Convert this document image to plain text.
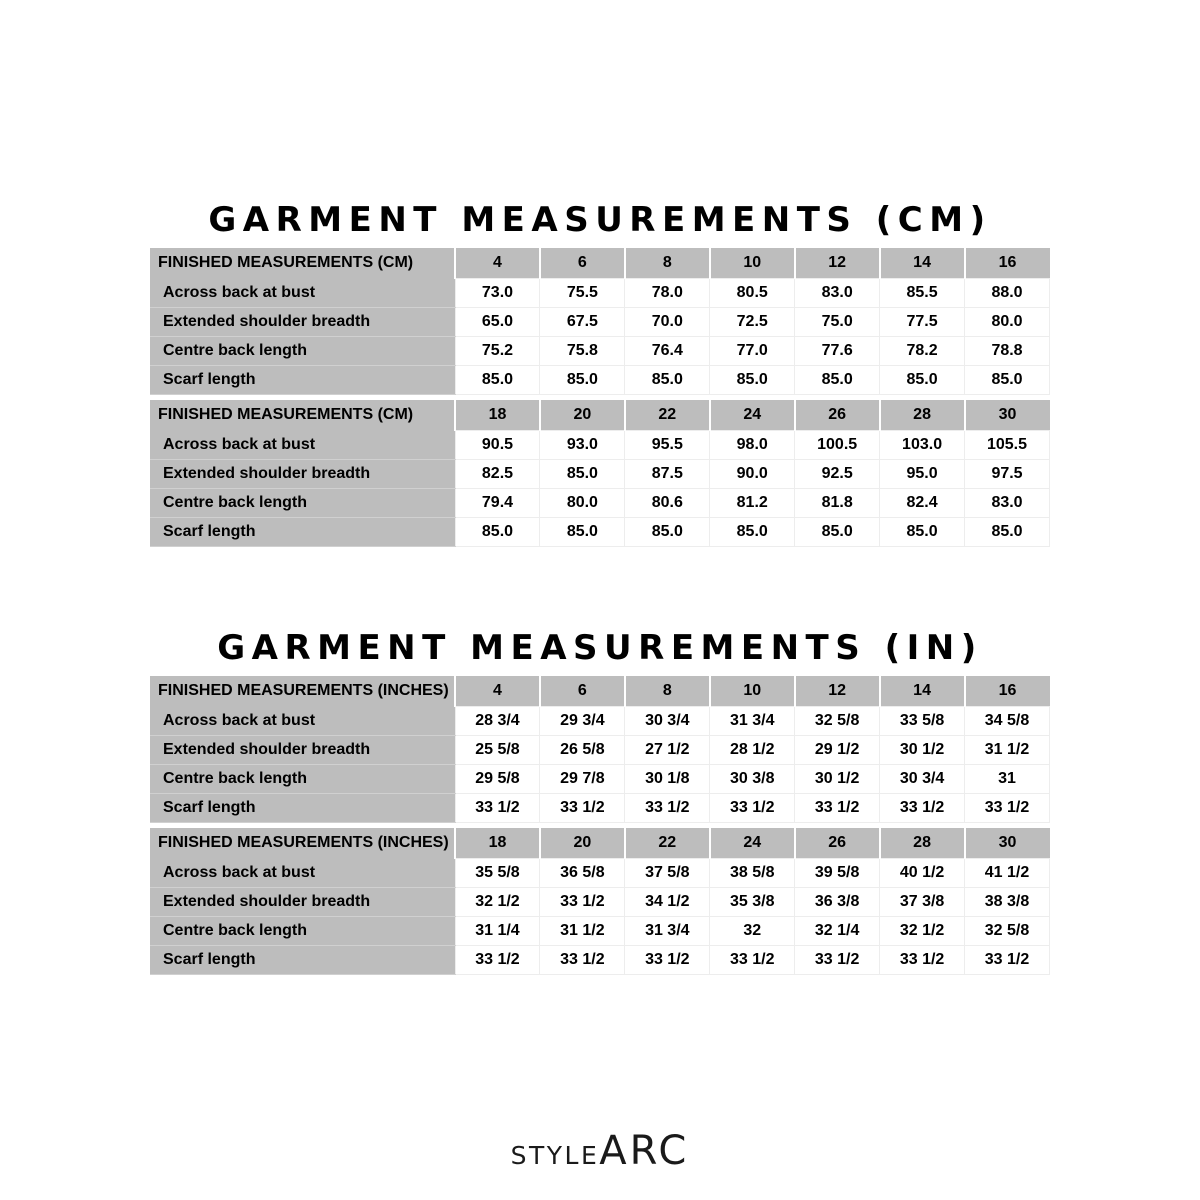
GARMENT MEASUREMENTS (CM)
FINISHED MEASUREMENTS (CM)	4	6	8	10	12	14	16
Across back at bust	73.0	75.5	78.0	80.5	83.0	85.5	88.0
Extended shoulder breadth	65.0	67.5	70.0	72.5	75.0	77.5	80.0
Centre back length	75.2	75.8	76.4	77.0	77.6	78.2	78.8
Scarf length	85.0	85.0	85.0	85.0	85.0	85.0	85.0
FINISHED MEASUREMENTS (CM)	18	20	22	24	26	28	30
Across back at bust	90.5	93.0	95.5	98.0	100.5	103.0	105.5
Extended shoulder breadth	82.5	85.0	87.5	90.0	92.5	95.0	97.5
Centre back length	79.4	80.0	80.6	81.2	81.8	82.4	83.0
Scarf length	85.0	85.0	85.0	85.0	85.0	85.0	85.0
GARMENT MEASUREMENTS (IN)
FINISHED MEASUREMENTS (INCHES)	4	6	8	10	12	14	16
Across back at bust	28 3/4	29 3/4	30 3/4	31 3/4	32 5/8	33 5/8	34 5/8
Extended shoulder breadth	25 5/8	26 5/8	27 1/2	28 1/2	29 1/2	30 1/2	31 1/2
Centre back length	29 5/8	29 7/8	30 1/8	30 3/8	30 1/2	30 3/4	31
Scarf length	33 1/2	33 1/2	33 1/2	33 1/2	33 1/2	33 1/2	33 1/2
FINISHED MEASUREMENTS (INCHES)	18	20	22	24	26	28	30
Across back at bust	35 5/8	36 5/8	37 5/8	38 5/8	39 5/8	40 1/2	41 1/2
Extended shoulder breadth	32 1/2	33 1/2	34 1/2	35 3/8	36 3/8	37 3/8	38 3/8
Centre back length	31 1/4	31 1/2	31 3/4	32	32 1/4	32 1/2	32 5/8
Scarf length	33 1/2	33 1/2	33 1/2	33 1/2	33 1/2	33 1/2	33 1/2
STYLEARC
